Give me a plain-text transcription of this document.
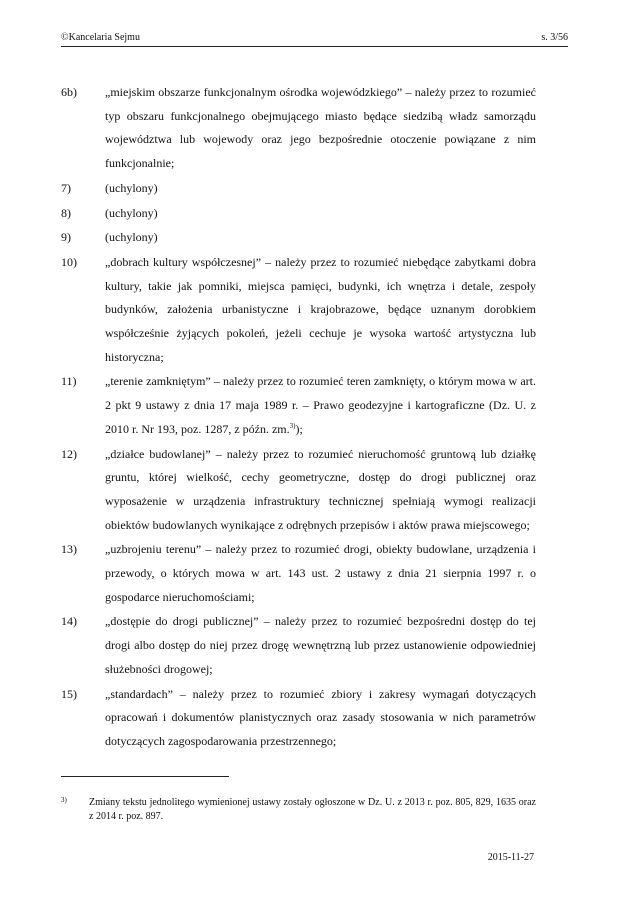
©Kancelaria Sejmu	s. 3/56
6b) „miejskim obszarze funkcjonalnym ośrodka wojewódzkiego” – należy przez to rozumieć typ obszaru funkcjonalnego obejmującego miasto będące siedzibą władz samorządu województwa lub wojewody oraz jego bezpośrednie otoczenie powiązane z nim funkcjonalnie;
7)	(uchylony)
8)	(uchylony)
9)	(uchylony)
10) „dobrach kultury współczesnej” – należy przez to rozumieć niebędące zabytkami dobra kultury, takie jak pomniki, miejsca pamięci, budynki, ich wnętrza i detale, zespoły budynków, założenia urbanistyczne i krajobrazowe, będące uznanym dorobkiem współcześnie żyjących pokoleń, jeżeli cechuje je wysoka wartość artystyczna lub historyczna;
11) „terenie zamkniętym” – należy przez to rozumieć teren zamknięty, o którym mowa w art. 2 pkt 9 ustawy z dnia 17 maja 1989 r. – Prawo geodezyjne i kartograficzne (Dz. U. z 2010 r. Nr 193, poz. 1287, z późn. zm.$^{3)}$);
12) „działce budowlanej” – należy przez to rozumieć nieruchomość gruntową lub działkę gruntu, której wielkość, cechy geometryczne, dostęp do drogi publicznej oraz wyposażenie w urządzenia infrastruktury technicznej spełniają wymogi realizacji obiektów budowlanych wynikające z odrębnych przepisów i aktów prawa miejscowego;
13) „uzbrojeniu terenu” – należy przez to rozumieć drogi, obiekty budowlane, urządzenia i przewody, o których mowa w art. 143 ust. 2 ustawy z dnia 21 sierpnia 1997 r. o gospodarce nieruchomościami;
14) „dostępie do drogi publicznej” – należy przez to rozumieć bezpośredni dostęp do tej drogi albo dostęp do niej przez drogę wewnętrzną lub przez ustanowienie odpowiedniej służebności drogowej;
15) „standardach” – należy przez to rozumieć zbiory i zakresy wymagań dotyczących opracowań i dokumentów planistycznych oraz zasady stosowania w nich parametrów dotyczących zagospodarowania przestrzennego;
3) Zmiany tekstu jednolitego wymienionej ustawy zostały ogłoszone w Dz. U. z 2013 r. poz. 805, 829, 1635 oraz z 2014 r. poz. 897.
2015-11-27
